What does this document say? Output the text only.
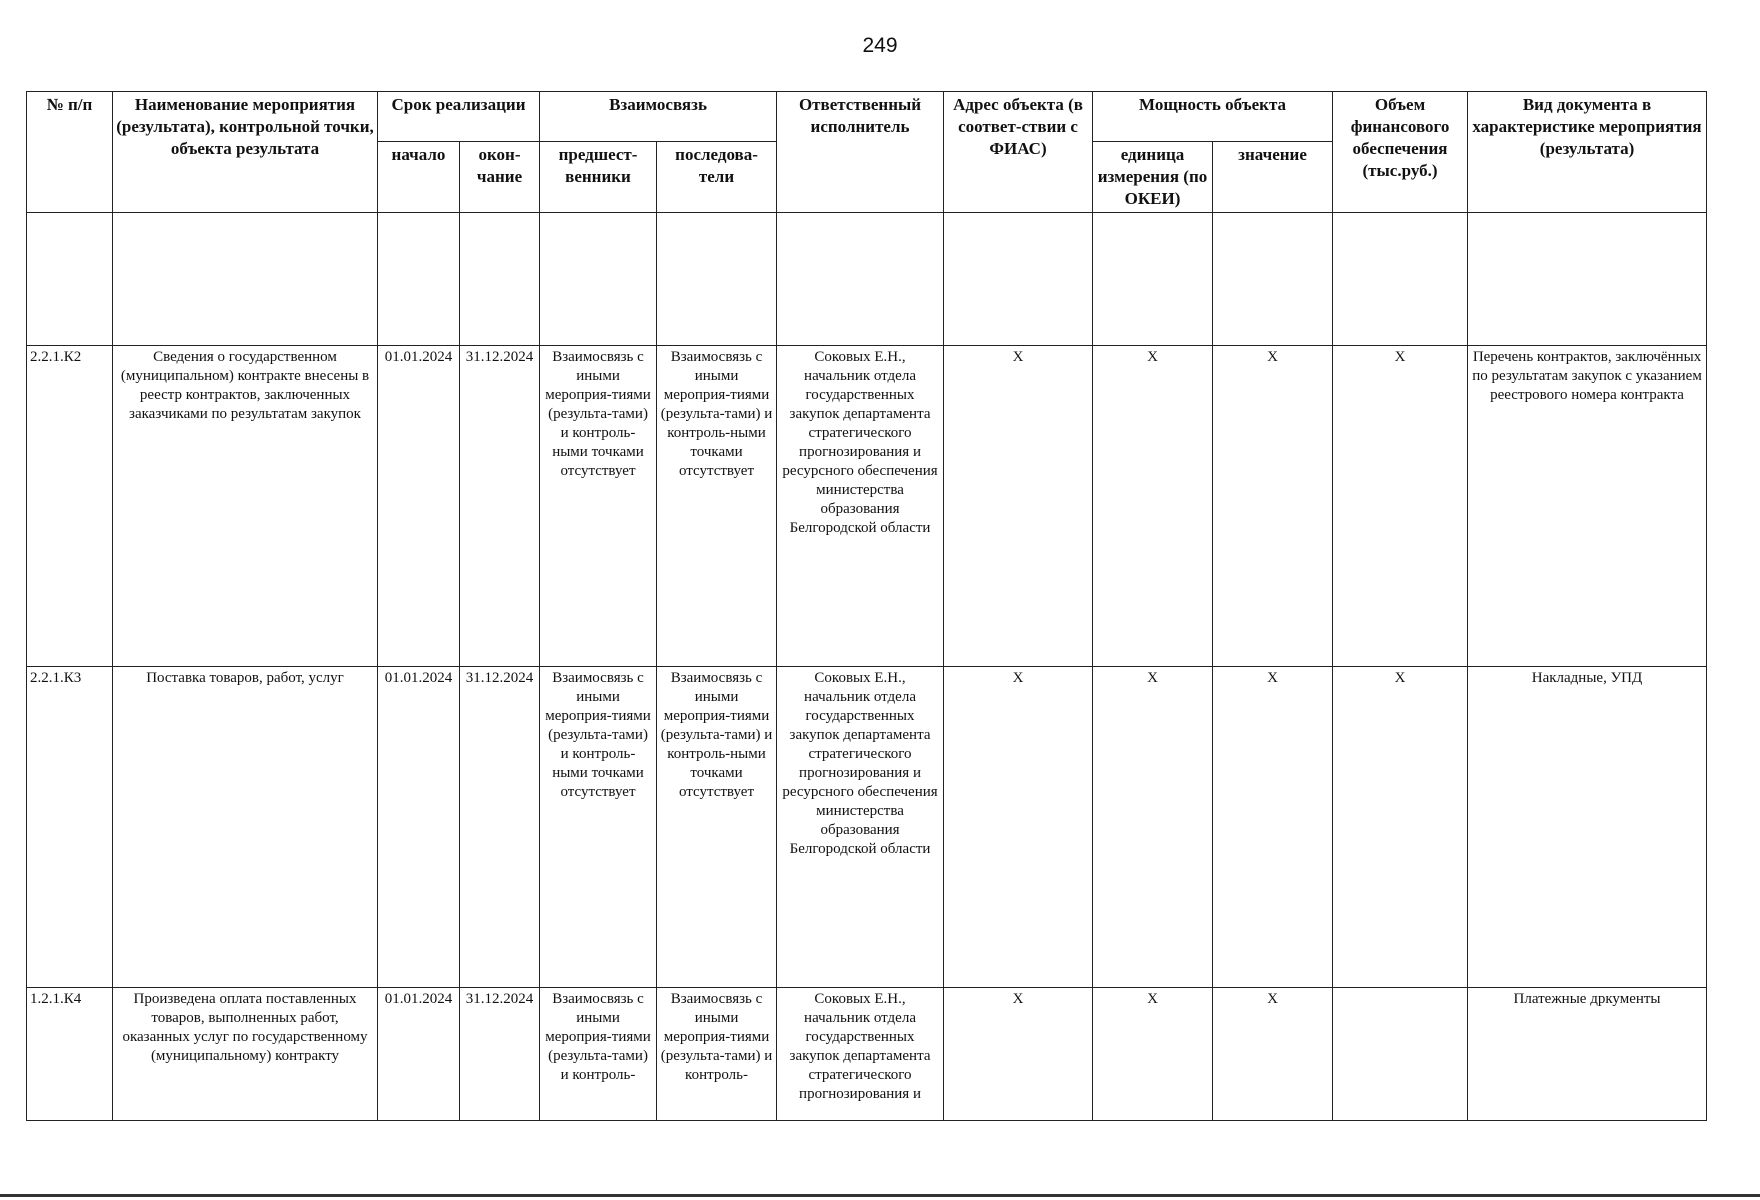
249
№ п/п	Наименование мероприятия (результата), контрольной точки, объекта результата	Срок реализации		Взаимосвязь		Ответственный исполнитель	Адрес объекта (в соответ-ствии с ФИАС)	Мощность объекта		Объем финансового обеспечения (тыс.руб.)	Вид документа в характеристике мероприятия (результата)
		начало	окон-чание	предшест-венники	последова-тели			единица измерения (по ОКЕИ)	значение		

2.2.1.К2	Сведения о государственном (муниципальном) контракте внесены в реестр контрактов, заключенных заказчиками по результатам закупок	01.01.2024	31.12.2024	Взаимосвязь с иными мероприя-тиями (результа-тами) и контроль-ными точками отсутствует	Взаимосвязь с иными мероприя-тиями (результа-тами) и контроль-ными точками отсутствует	Соковых Е.Н., начальник отдела государственных закупок департамента стратегического прогнозирования и ресурсного обеспечения министерства образования Белгородской области	X	X	X	X	Перечень контрактов, заключённых по результатам закупок с указанием реестрового номера контракта
2.2.1.К3	Поставка товаров, работ, услуг	01.01.2024	31.12.2024	Взаимосвязь с иными мероприя-тиями (результа-тами) и контроль-ными точками отсутствует	Взаимосвязь с иными мероприя-тиями (результа-тами) и контроль-ными точками отсутствует	Соковых Е.Н., начальник отдела государственных закупок департамента стратегического прогнозирования и ресурсного обеспечения министерства образования Белгородской области	X	X	X	X	Накладные, УПД
1.2.1.К4	Произведена оплата поставленных товаров, выполненных работ, оказанных услуг по государственному (муниципальному) контракту	01.01.2024	31.12.2024	Взаимосвязь с иными мероприя-тиями (результа-тами) и контроль-	Взаимосвязь с иными мероприя-тиями (результа-тами) и контроль-	Соковых Е.Н., начальник отдела государственных закупок департамента стратегического прогнозирования и	X	X	X		Платежные дркументы
